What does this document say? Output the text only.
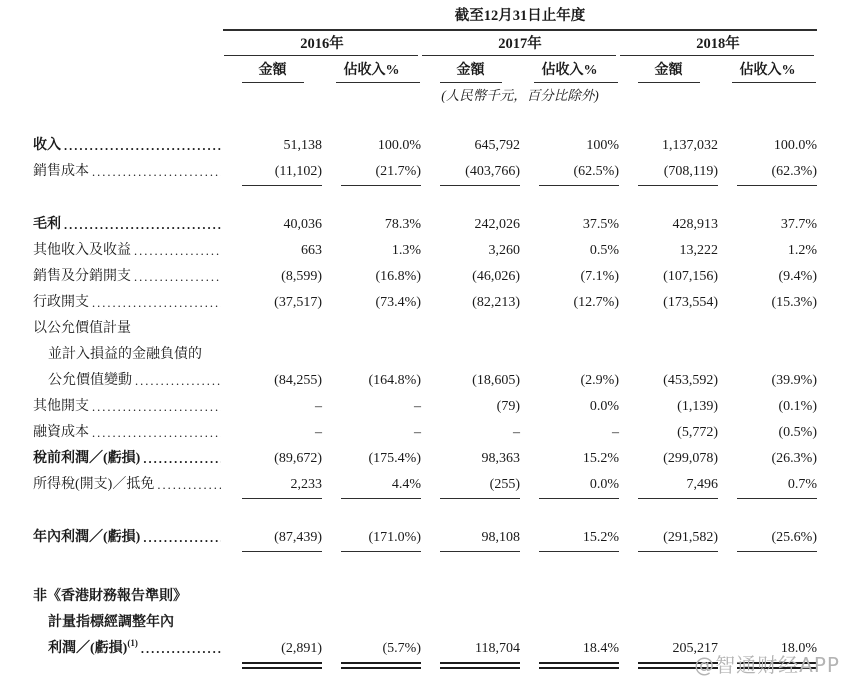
截至12月31日止年度
2016年	2017年	2018年
金額	佔收入%	金額	佔收入%	金額	佔收入%
(人民幣千元，百分比除外)
收入 .....	51,138	100.0%	645,792	100%	1,137,032	100.0%
銷售成本 .....	(11,102)	(21.7%)	(403,766)	(62.5%)	(708,119)	(62.3%)
毛利 .....	40,036	78.3%	242,026	37.5%	428,913	37.7%
其他收入及收益 .....	663	1.3%	3,260	0.5%	13,222	1.2%
銷售及分銷開支 .....	(8,599)	(16.8%)	(46,026)	(7.1%)	(107,156)	(9.4%)
行政開支 .....	(37,517)	(73.4%)	(82,213)	(12.7%)	(173,554)	(15.3%)
以公允價值計量
並計入損益的金融負債的
公允價值變動 .....	(84,255)	(164.8%)	(18,605)	(2.9%)	(453,592)	(39.9%)
其他開支 .....	–	–	(79)	0.0%	(1,139)	(0.1%)
融資成本 .....	–	–	–	–	(5,772)	(0.5%)
稅前利潤／(虧損) .....	(89,672)	(175.4%)	98,363	15.2%	(299,078)	(26.3%)
所得稅(開支)／抵免 .....	2,233	4.4%	(255)	0.0%	7,496	0.7%
年內利潤／(虧損) .....	(87,439)	(171.0%)	98,108	15.2%	(291,582)	(25.6%)
非《香港財務報告準則》
計量指標經調整年內
利潤／(虧損)$^{(1)}$ .....	(2,891)	(5.7%)	118,704	18.4%	205,217	18.0%
@智通财经APP
